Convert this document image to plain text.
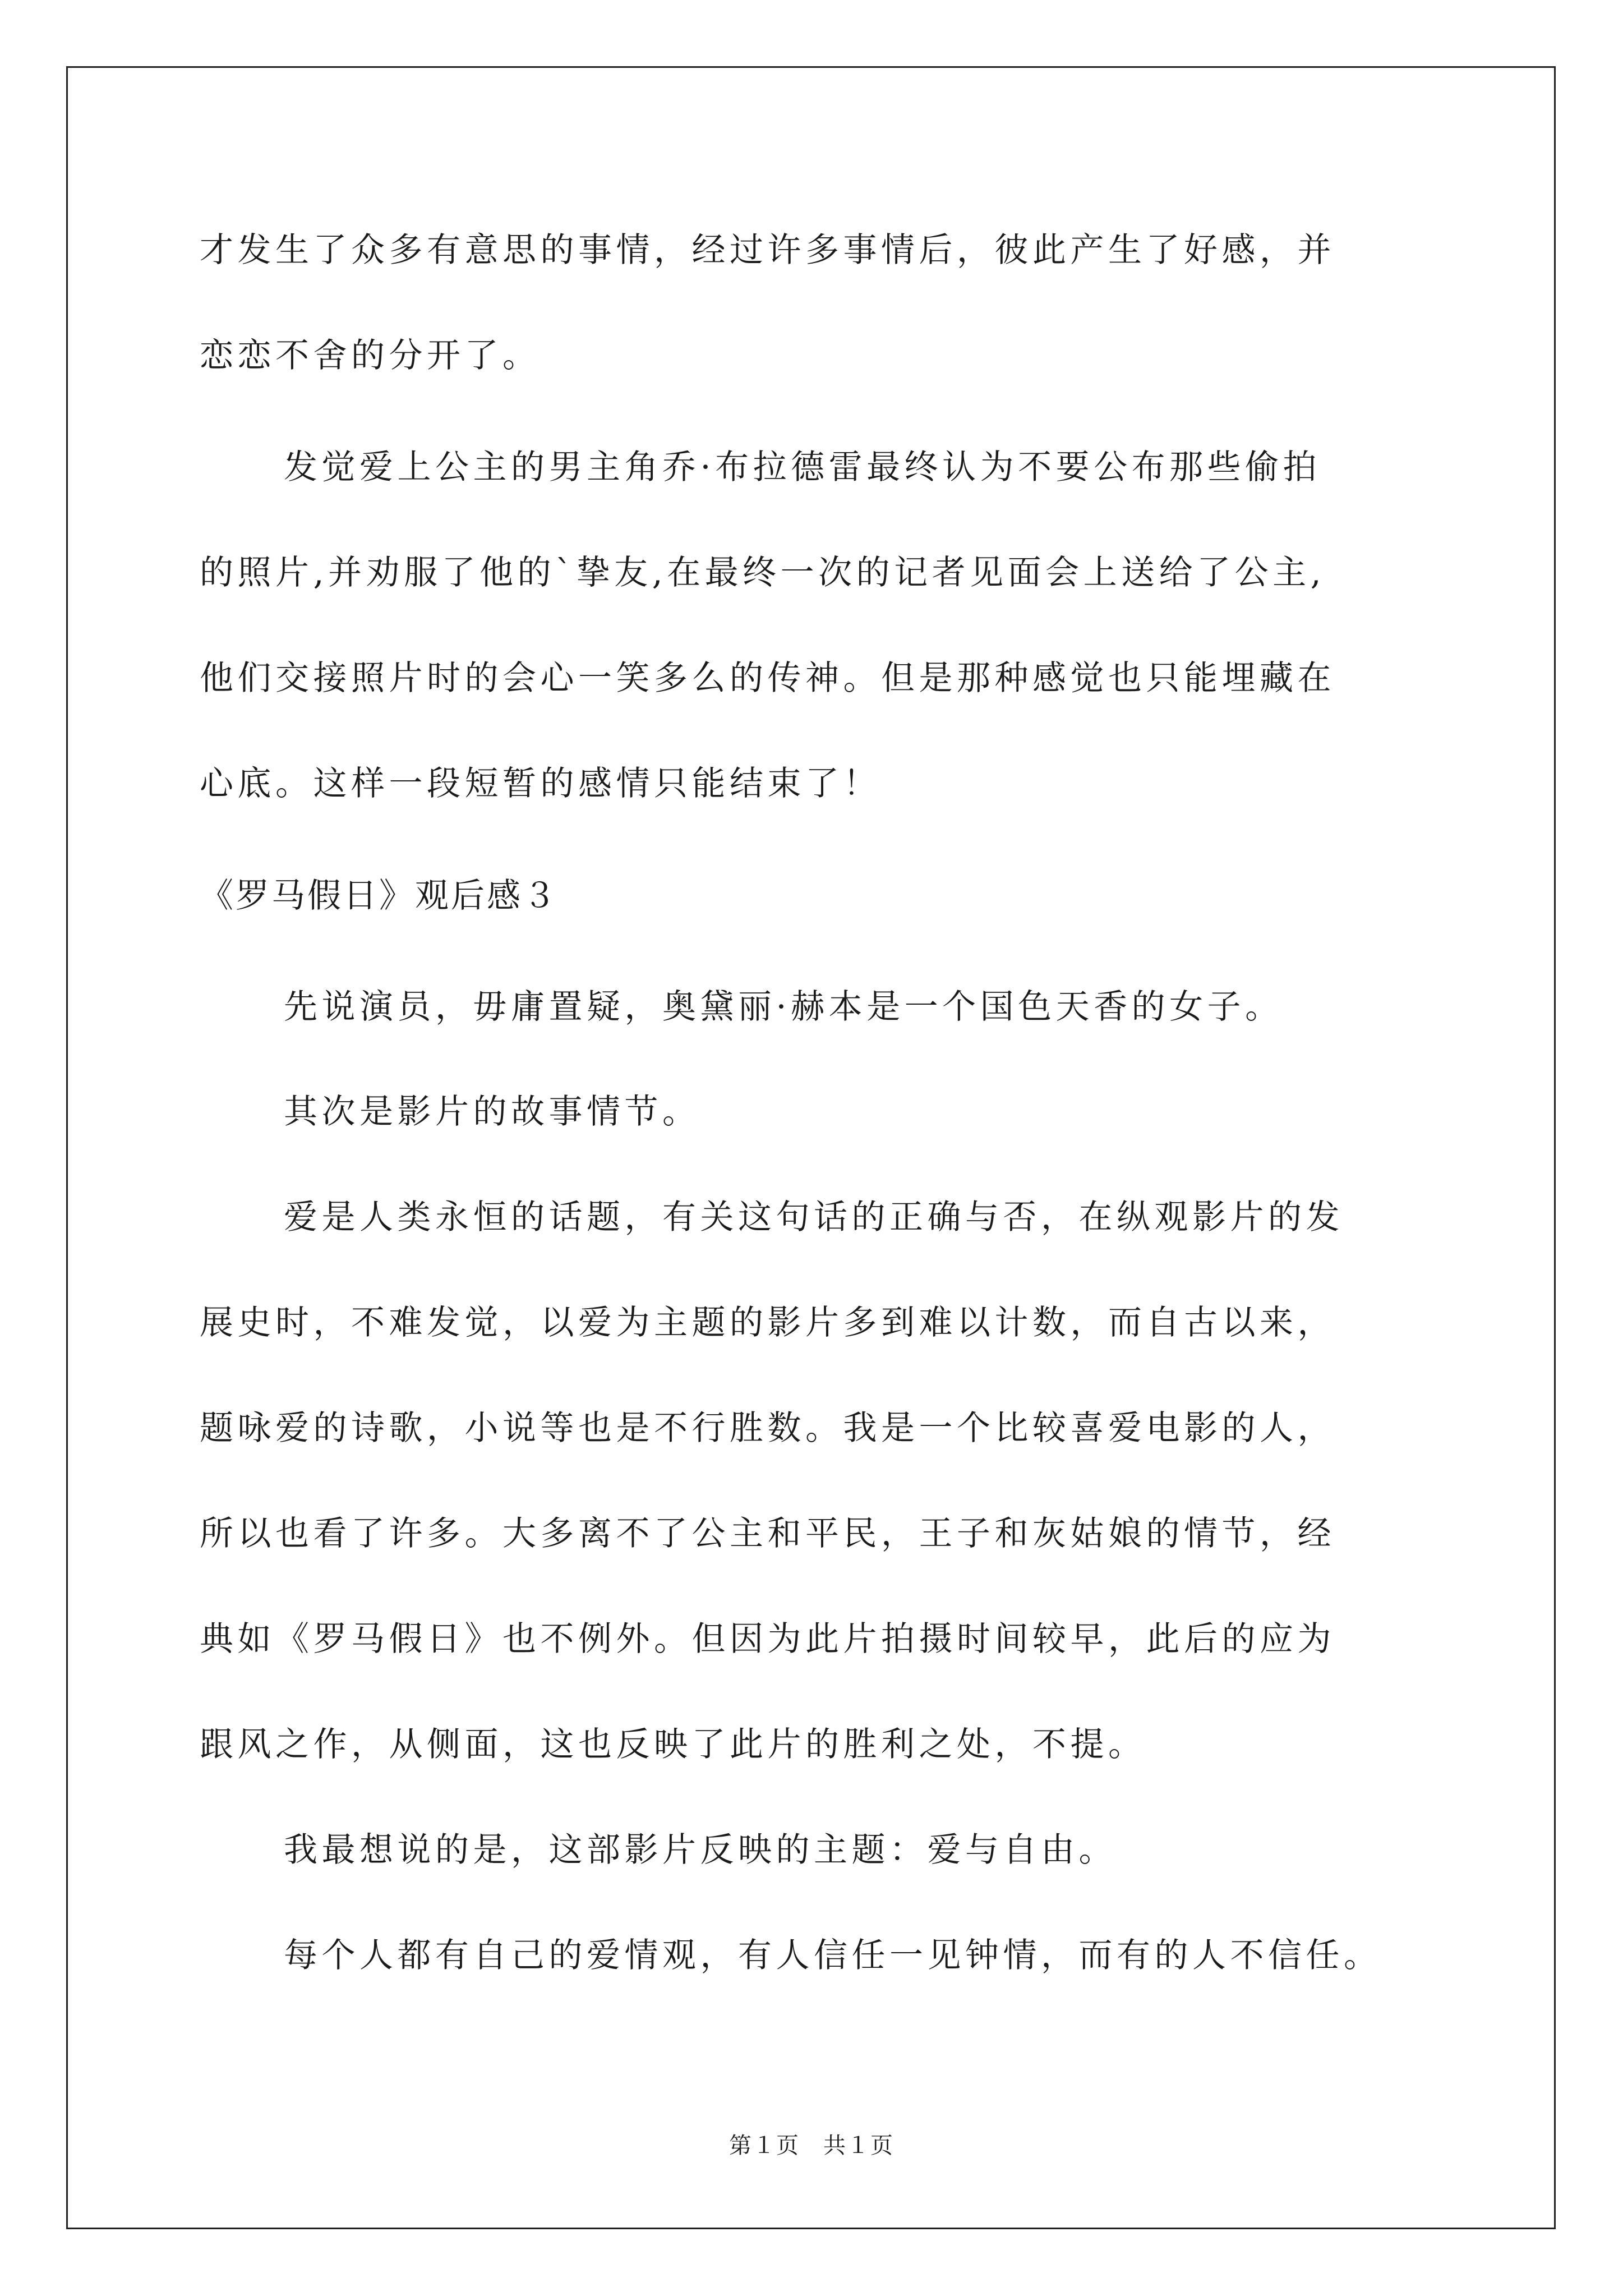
才发生了众多有意思的事情，经过许多事情后，彼此产生了好感，并
恋恋不舍的分开了。
发觉爱上公主的男主角乔·布拉德雷最终认为不要公布那些偷拍
的照片,并劝服了他的`挚友,在最终一次的记者见面会上送给了公主,
他们交接照片时的会心一笑多么的传神。但是那种感觉也只能埋藏在
心底。这样一段短暂的感情只能结束了！
《罗马假日》观后感３
先说演员，毋庸置疑，奥黛丽·赫本是一个国色天香的女子。
其次是影片的故事情节。
爱是人类永恒的话题，有关这句话的正确与否，在纵观影片的发
展史时，不难发觉，以爱为主题的影片多到难以计数，而自古以来，
题咏爱的诗歌，小说等也是不行胜数。我是一个比较喜爱电影的人，
所以也看了许多。大多离不了公主和平民，王子和灰姑娘的情节，经
典如《罗马假日》也不例外。但因为此片拍摄时间较早，此后的应为
跟风之作，从侧面，这也反映了此片的胜利之处，不提。
我最想说的是，这部影片反映的主题：爱与自由。
每个人都有自己的爱情观，有人信任一见钟情，而有的人不信任。
第１页　共１页
